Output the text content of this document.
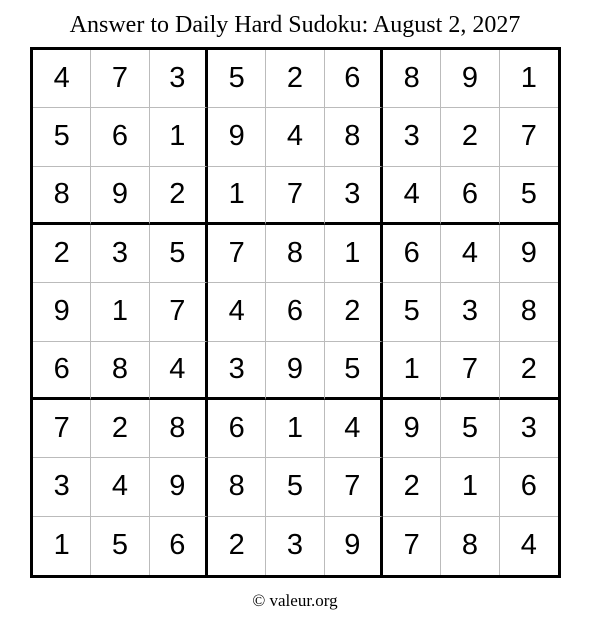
Answer to Daily Hard Sudoku: August 2, 2027
4	7	3	5	2	6	8	9	1
5	6	1	9	4	8	3	2	7
8	9	2	1	7	3	4	6	5
2	3	5	7	8	1	6	4	9
9	1	7	4	6	2	5	3	8
6	8	4	3	9	5	1	7	2
7	2	8	6	1	4	9	5	3
3	4	9	8	5	7	2	1	6
1	5	6	2	3	9	7	8	4
© valeur.org
